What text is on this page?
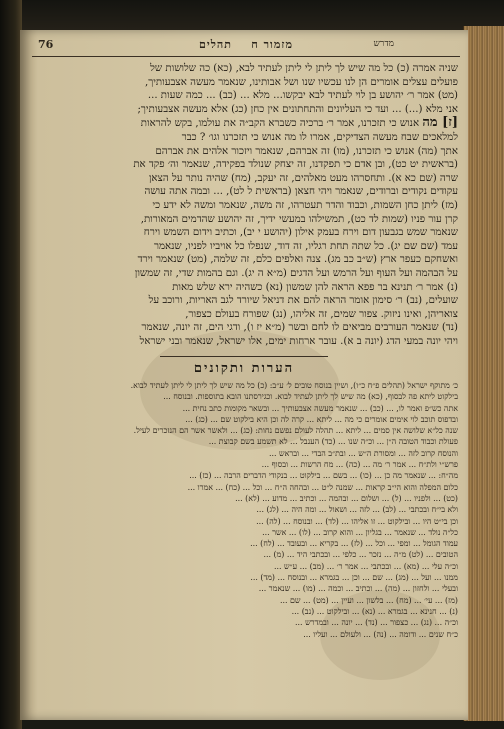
76	מזמור ח    תהלים	מדרש

שניה אמרה (כ) כל מה שיש לך ליתן לי ליתן לעתיד לבא, (כא) כה שלושות של

פועלים עצלים אומרים הן לנו עכשיו שנו ושל אבותינו, שנאמר מעשה אצבעותיך,

(מט) אמר ר׳ יהושע בן לוי לעתיד לבא יבקשו... מלא ... (כב) ... כמה שעות ...

אני מלא (...) ... ועד כי העליונים והתחתונים אין כחן (כג) אלא מעשה אצבעותיך;

[ז] מה אנוש כי תזכרנו, אמר ר׳ ברכיה כשברא הקב״ה את עולמו, בקש להראות

למלאכים שבח מעשה הצדיקים, אמרו לו מה אנוש כי תזכרנו וגו׳ ? כבר

אתך (מה) אנוש כי תזכרנו, (מו) זה אברהם, שנאמר ויזכור אלהים את אברהם

(בראשית יט כט), ובן אדם כי תפקדנו, זה יצחק שנולד בפקידה, שנאמר וה׳ פקד את

שרה (שם כא א). ותחסרהו מעט מאלהים, זה יעקב, (מח) שהיה נותר על הצאן

עקודים נקודים וברודים, שנאמר ויהי חצאן (בראשית ל לט), ... ובמה אתה עושה

(מז) ליתן כחן השמות, וכבוד והדר תעטרהו, זה משה, שנאמר ומשה לא ידע כי

קרן עור פניו (שמות לד כט), תמשילהו במעשי ידיך, זה יהושע שהדמים המאורות,

שנאמר שמש בגבעון דום וירח בעמק אילון (יהושע י יב), וכתיב וידום השמש וירח

עמד (שם שם יג). כל שתה תחת רגליו, זה דוד, שנפלו כל אויביו לפניו, שנאמר

ואשחקם כעפר ארץ (ש״ב כב מג). צנה ואלפים כלם, זה שלמה, (מט) שנאמר וירד

על הבהמה ועל העוף ועל הרמש ועל הדגים (מ״א ה יג). וגם בהמות שדי, זה שמשון

(נ) אמר ר׳ תנינא בר פפא הראה להן שמשון (נא) כשהיה ירא שלש מאות

שועלים, (נב) ר׳ סימון אומר הראה להם את דניאל שיורד לגב האריות, ורוכב על

צואריהן, ואינו ניזוק. צפור שמים, זה אליהו, (נג) שפורח בעולם כצפור,

(נד) שנאמר העורבים מביאים לו לחם ובשר (מ״א יז ו), ודגי הים, זה יונה, שנאמר

ויהי יונה במעי הדג (יונה ב א). עובר ארחות ימים, אלו ישראל, שנאמר ובני ישראל

הערות ותקונים

כ׳ מתוקף ישראל (תהלים פ״ח כ״ו), ושיין בנוסח טובים ל׳ ע״ב: (כ) כל מה שיש לך ליתן לי ליתן לעתיד לבוא.

בילקוט ליתא פה לבסוף, (כא) מה שיש לך ליתן לעתיד לבוא. וכגירסתנו הובא בתוספות. ובנוסח ...

אתה כש״פ ואמר לו, ... (כב) ... שנאמר מעשה אצבעותיך ... ובשאר מקומות כתב נחית ...

ובדפוס תוכב לוי אימים אומרים כי מה ... ליתא ... קרה לה וכן היא בילקוט שם ... (כג) ...

שנה כל״א שלושה אין סמים ... ליתא ... תהלה לעולם נפשם נחות: (כג) ... ולאשר אשר הם הנזכרים לעיל.

פעולת וכבוד הטובה ה״ן ... וכ״ה שנו ... (כד) הענבל ... לא תשמע בשם קבוצת ...

והנוסח קרוב לזה ... ומסורת ה״ש ... ובת״ב הבדי ... ובראש ...

פרש״י ולת״ח ... אמר ר׳ מה ... (כה) ... מח הרשות ... ובסוף ...

מה״ח: ... שנאמר מה כן ... (כו) ... בשם ... בילקוט ... בנקודי הדברים הרבה ... (כז) ...

כלום המפלה והוא הי״ב קראות ... שמנה ל״ט ... ובהחה ה״ח ... וכל ... (כח) ... אמרו ...

(כט) ... ולפניו ... (ל) ... ושלום ... ובהמה ... וכתיב ... מדוע ... (לא) ...

ולא בי״ח ובכתבי ... (לב) ... לזה ... ושאול ... ומה היה ... (לג) ...

וכן בי״ט היו ... ובילקוט ... זו אליהו ... (לד) ... ובנוסח ... (לה) ...

כל״ה נולד ... שנאמר ... בגליון ... והוא קרוב ... (לו) ... אשר ...

עמוד הגומל ... ומפי ... וכל ... (לז) ... בקריא ... ובעובד ... (לח) ...

הטובים ... (לט) מ״ה ... נזכר ... כלפי ... ובכתבי היד ... (מ) ...

וכ״ה עלי ... (מא) ... ובכתבי ... אמר ר׳ ... (מב) ... ע״ש ...

ממנו ... ועל ... (מג) ... שם ... וכן ... בגמרא ... ובנוסח ... (מד) ...

ובעלי ... ולחזון ... (מה) ... וכתיב ... וכמה ... (מו) ... שנאמר ...

(מז) ... עי׳ ... (מח) ... בלשון ... ועיין ... (מט) ... שם ...

(נ) ... חנינא ... בגמרא ... (נא) ... ובילקוט ... (נב) ...

וכ״ה ... (נג) ... כצפור ... (נד) ... יונה ... ובמדרש ...

כ״ח שנים ... ודומה ... (נה) ... ולעולם ... ועליו ...
